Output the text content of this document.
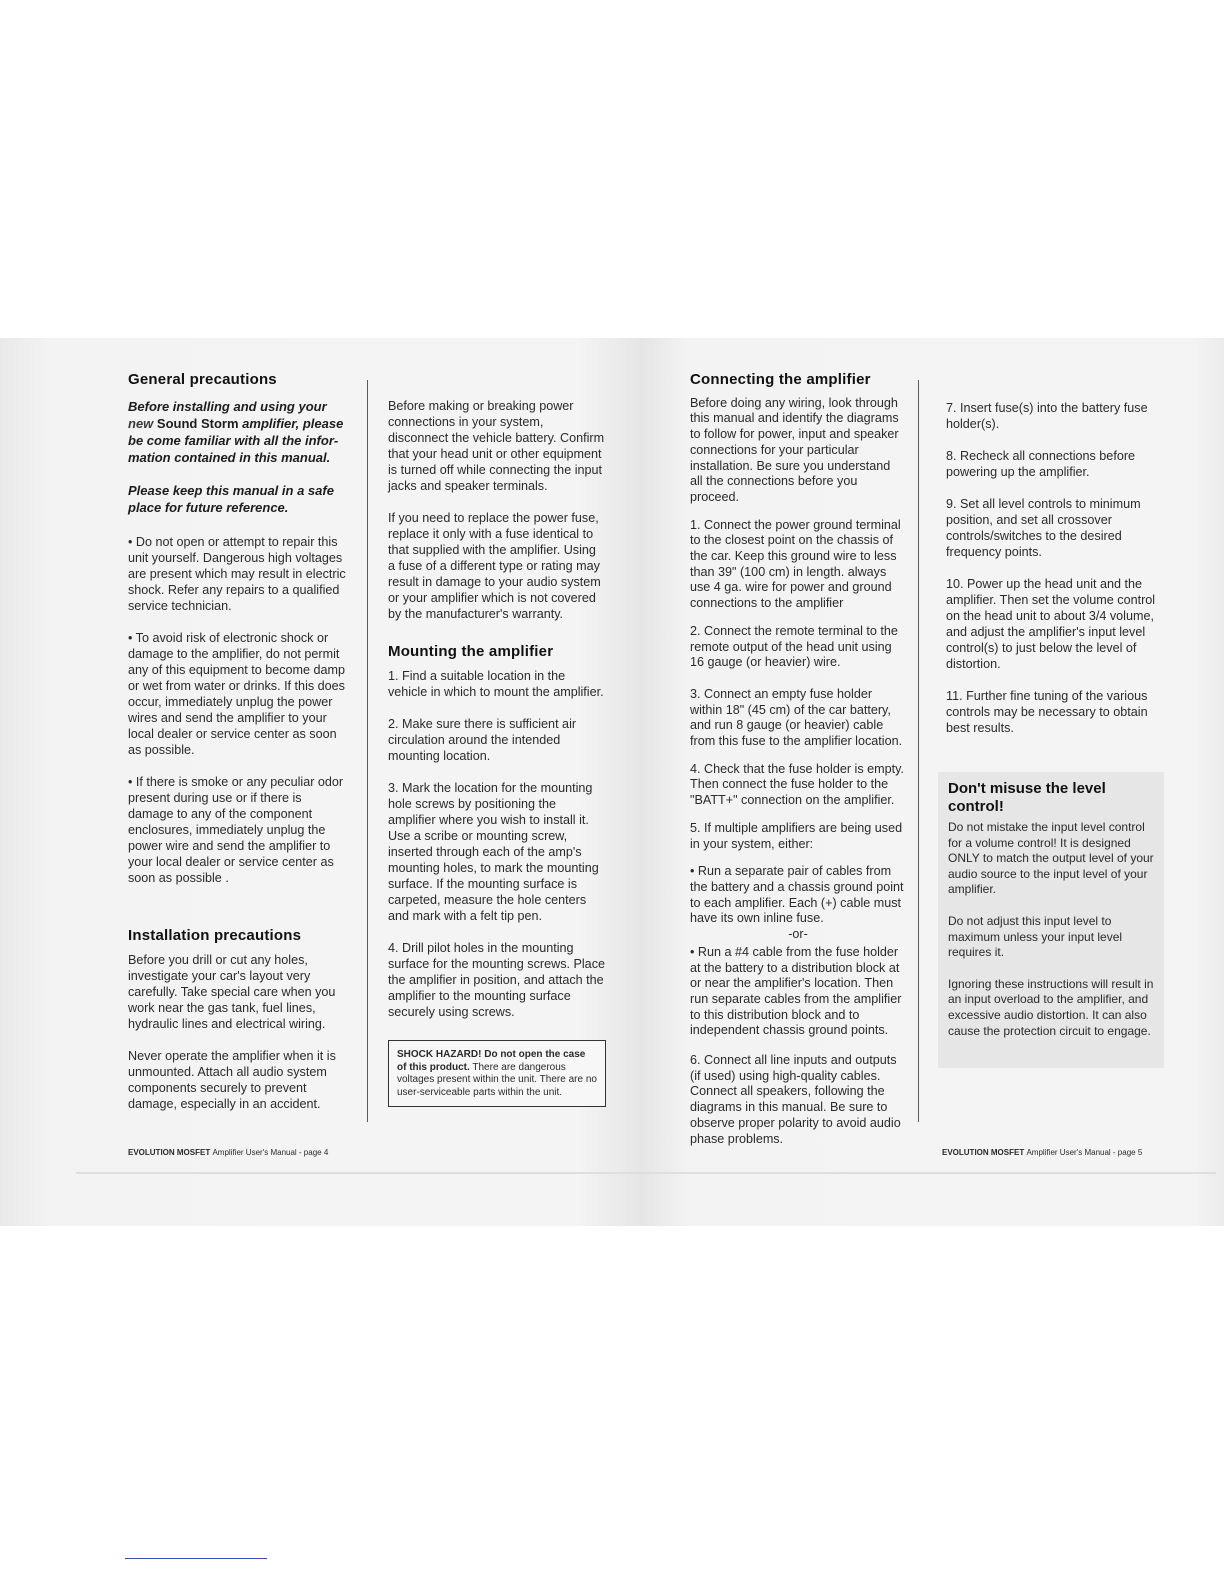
General precautions

Before installing and using your new Sound Storm amplifier, please be come familiar with all the information contained in this manual.

Please keep this manual in a safe place for future reference.

• Do not open or attempt to repair this unit yourself. Dangerous high voltages are present which may result in electric shock. Refer any repairs to a qualified service technician.

• To avoid risk of electronic shock or damage to the amplifier, do not permit any of this equipment to become damp or wet from water or drinks. If this does occur, immediately unplug the power wires and send the amplifier to your local dealer or service center as soon as possible.

• If there is smoke or any peculiar odor present during use or if there is damage to any of the component enclosures, immediately unplug the power wire and send the amplifier to your local dealer or service center as soon as possible .

Installation precautions

Before you drill or cut any holes, investigate your car's layout very carefully. Take special care when you work near the gas tank, fuel lines, hydraulic lines and electrical wiring.

Never operate the amplifier when it is unmounted. Attach all audio system components securely to prevent damage, especially in an accident.

Before making or breaking power connections in your system, disconnect the vehicle battery. Confirm that your head unit or other equipment is turned off while connecting the input jacks and speaker terminals.

If you need to replace the power fuse, replace it only with a fuse identical to that supplied with the amplifier. Using a fuse of a different type or rating may result in damage to your audio system or your amplifier which is not covered by the manufacturer's warranty.

Mounting the amplifier

1. Find a suitable location in the vehicle in which to mount the amplifier.

2. Make sure there is sufficient air circulation around the intended mounting location.

3. Mark the location for the mounting hole screws by positioning the amplifier where you wish to install it. Use a scribe or mounting screw, inserted through each of the amp's mounting holes, to mark the mounting surface. If the mounting surface is carpeted, measure the hole centers and mark with a felt tip pen.

4. Drill pilot holes in the mounting surface for the mounting screws. Place the amplifier in position, and attach the amplifier to the mounting surface securely using screws.

SHOCK HAZARD! Do not open the case of this product. There are dangerous voltages present within the unit. There are no user-serviceable parts within the unit.
EVOLUTION MOSFET Amplifier User's Manual - page 4
Connecting the amplifier

Before doing any wiring, look through this manual and identify the diagrams to follow for power, input and speaker connections for your particular installation. Be sure you understand all the connections before you proceed.

1. Connect the power ground terminal to the closest point on the chassis of the car. Keep this ground wire to less than 39" (100 cm) in length. always use 4 ga. wire for power and ground connections to the amplifier

2. Connect the remote terminal to the remote output of the head unit using 16 gauge (or heavier) wire.

3. Connect an empty fuse holder within 18" (45 cm) of the car battery, and run 8 gauge (or heavier) cable from this fuse to the amplifier location.

4. Check that the fuse holder is empty. Then connect the fuse holder to the "BATT+" connection on the amplifier.

5. If multiple amplifiers are being used in your system, either:

• Run a separate pair of cables from the battery and a chassis ground point to each amplifier. Each (+) cable must have its own inline fuse.

-or-

• Run a #4 cable from the fuse holder at the battery to a distribution block at or near the amplifier's location. Then run separate cables from the amplifier to this distribution block and to independent chassis ground points.

6. Connect all line inputs and outputs (if used) using high-quality cables. Connect all speakers, following the diagrams in this manual. Be sure to observe proper polarity to avoid audio phase problems.

7. Insert fuse(s) into the battery fuse holder(s).

8. Recheck all connections before powering up the amplifier.

9. Set all level controls to minimum position, and set all crossover controls/switches to the desired frequency points.

10. Power up the head unit and the amplifier. Then set the volume control on the head unit to about 3/4 volume, and adjust the amplifier's input level control(s) to just below the level of distortion.

11. Further fine tuning of the various controls may be necessary to obtain best results.

Don't misuse the level control!

Do not mistake the input level control for a volume control! It is designed ONLY to match the output level of your audio source to the input level of your amplifier.

Do not adjust this input level to maximum unless your input level requires it.

Ignoring these instructions will result in an input overload to the amplifier, and excessive audio distortion. It can also cause the protection circuit to engage.

EVOLUTION MOSFET Amplifier User's Manual - page 5
